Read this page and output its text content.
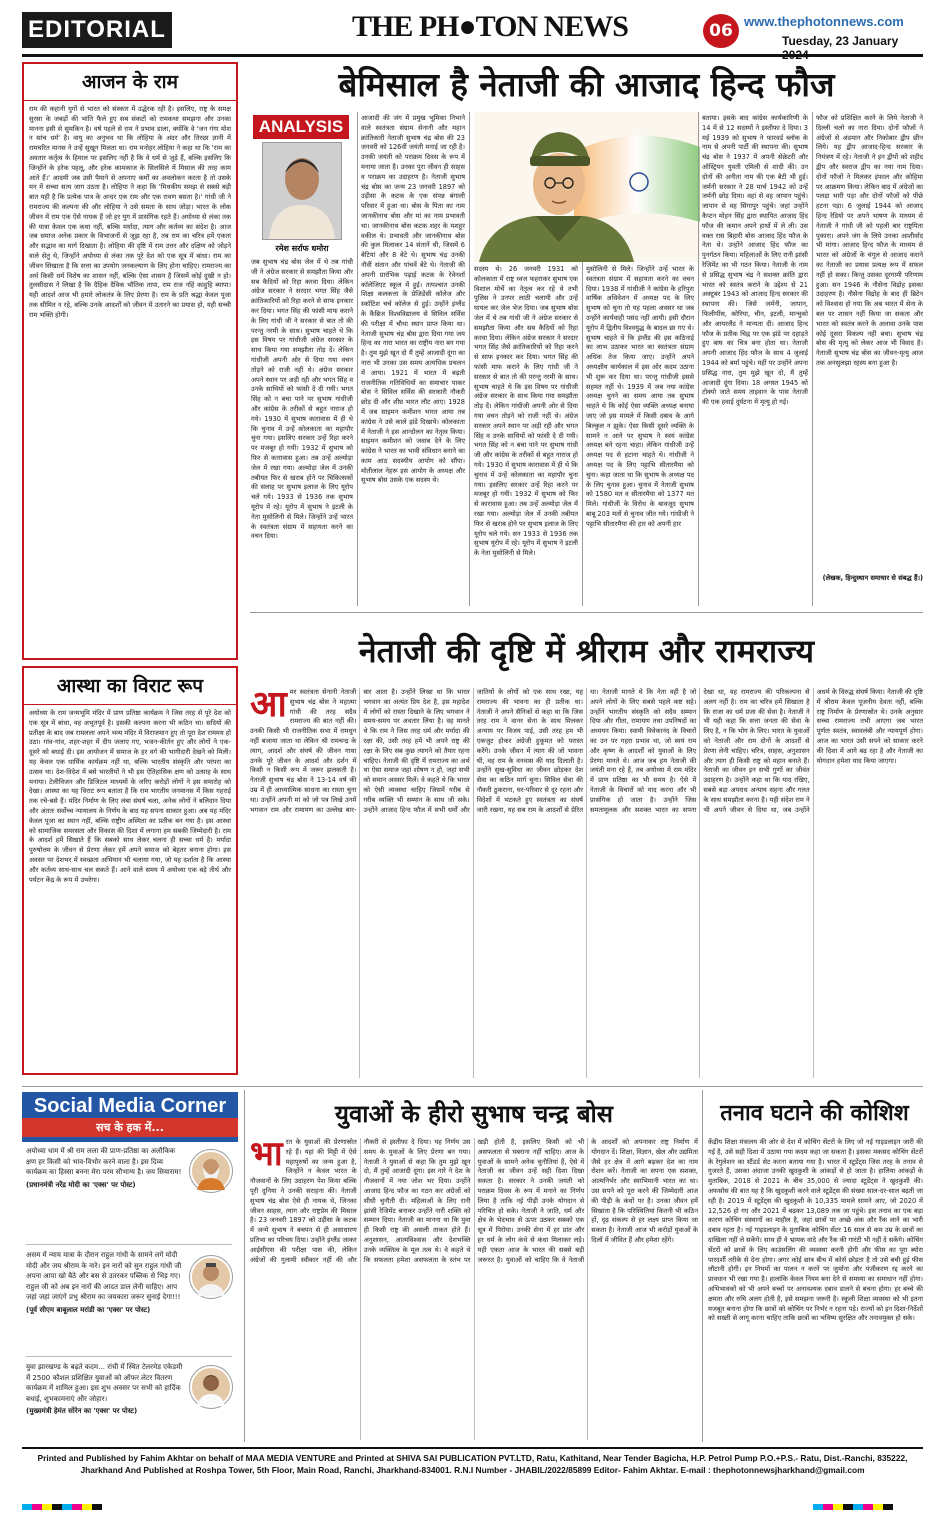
EDITORIAL	THE PH●TON NEWS	06 www.thephotonnews.com
Tuesday, 23 January
आजन के राम
राम की कहानी युगों से भारत को संस्कार में उद्धेरक रही है। इसलिए, राष्ट्र के समक्ष सुरसा के जबड़ों की भांति फैले हुए सब संकटों को रामकथा समझना और उनका मानना इसी से सुमकिन है। वर्ष पहले से राम ने प्रभाव डाला, क्योंकि वे 'जन गंगा मोश न सांच धर्म' है। वायु का अनुभव था कि लोहिया के अंदर और तिरछा ज्ञानी में रामचरित मानस ने उन्हें सुखून मिलता था। राम मनोहर लोहिया ने कहा था कि 'राम का अवतार कर्तृत्व के हिमाल पर इसलिए नहीं है कि वे धर्म से जुड़े हैं, बल्कि इसलिए कि जिन्होंने के हरेक पहलू, और हरेक कामकाज के सिलसिले में मिसाल की तरह काम आते हैं।' आदमी जब उसी पैमाने से अपनाए कर्मों का अवलोकन करता है तो उसके मन में सच्चा सत्य जाग उठता है। लोहिया ने कहा कि 'मिथकीय समझ से सबसे बड़ी बात यही है कि प्रत्येक पात्र के अन्दर एक राम और एक रावण बसता है।' गांधी जी ने रामराज्य की कल्पना की और लोहिया ने उसे समता के साथ जोड़ा। भारत के लोक जीवन में राम एक ऐसे नायक हैं जो हर युग में प्रासंगिक रहते हैं। अयोध्या से लंका तक की यात्रा केवल एक कथा नहीं, बल्कि मर्यादा, त्याग और कर्तव्य का संदेश है। आज जब समाज अनेक प्रकार के विभाजनों से जूझ रहा है, तब राम का चरित्र हमें एकता और सद्भाव का मार्ग दिखाता है। लोहिया की दृष्टि में राम उत्तर और दक्षिण को जोड़ने वाले सेतु थे, जिन्होंने अयोध्या से लंका तक पूरे देश को एक सूत्र में बांधा। राम का जीवन सिखाता है कि सत्ता का उपयोग जनकल्याण के लिए होना चाहिए। रामराज्य का अर्थ किसी धर्म विशेष का शासन नहीं, बल्कि ऐसा शासन है जिसमें कोई दुखी न हो। तुलसीदास ने लिखा है कि दैहिक दैविक भौतिक तापा, राम राज नहिं काहुहि ब्यापा। यही आदर्श आज भी हमारे लोकतंत्र के लिए प्रेरणा है। राम के प्रति श्रद्धा केवल पूजा तक सीमित न रहे, बल्कि उनके आदर्शों को जीवन में उतारने का प्रयास हो, यही सच्ची राम भक्ति होगी।
आस्था का विराट रूप
अयोध्या के राम जन्मभूमि मंदिर में प्राण प्रतिष्ठा कार्यक्रम ने जिस तरह से पूरे देश को एक सूत्र में बांधा, वह अभूतपूर्व है। इसकी कल्पना करना भी कठिन था। सदियों की प्रतीक्षा के बाद जब रामलला अपने भव्य मंदिर में विराजमान हुए तो पूरा देश राममय हो उठा। गांव-गांव, शहर-शहर में दीप जलाए गए, भजन-कीर्तन हुए और लोगों ने एक-दूसरे को बधाई दी। इस आयोजन में समाज के हर वर्ग की भागीदारी देखने को मिली। यह केवल एक धार्मिक कार्यक्रम नहीं था, बल्कि भारतीय संस्कृति और परंपरा का उत्सव था। देश-विदेश में बसे भारतीयों ने भी इस ऐतिहासिक क्षण को उत्साह के साथ मनाया। टेलीविजन और डिजिटल माध्यमों के जरिए करोड़ों लोगों ने इस समारोह को देखा। आस्था का यह विराट रूप बताता है कि राम भारतीय जनमानस में किस गहराई तक रचे-बसे हैं। मंदिर निर्माण के लिए लंबा संघर्ष चला, अनेक लोगों ने बलिदान दिया और अंततः सर्वोच्च न्यायालय के निर्णय के बाद यह सपना साकार हुआ। अब यह मंदिर केवल पूजा का स्थान नहीं, बल्कि राष्ट्रीय अस्मिता का प्रतीक बन गया है। इस आस्था को सामाजिक समरसता और विकास की दिशा में लगाना हम सबकी जिम्मेदारी है। राम के आदर्श हमें सिखाते हैं कि सबको साथ लेकर चलना ही सच्चा धर्म है। मर्यादा पुरुषोत्तम के जीवन से प्रेरणा लेकर हमें अपने समाज को बेहतर बनाना होगा। इस अवसर पर देशभर में स्वच्छता अभियान भी चलाया गया, जो यह दर्शाता है कि आस्था और कर्तव्य साथ-साथ चल सकते हैं। आने वाले समय में अयोध्या एक बड़े तीर्थ और पर्यटन केंद्र के रूप में उभरेगा।
बेमिसाल है नेताजी की आजाद हिन्द फौज
ANALYSIS
रमेश सर्राफ धमोरा
जब सुभाष चंद्र बोस जेल में थे तब गांधी जी ने अंग्रेज सरकार से समझौता किया और सब कैदियों को रिहा करवा दिया। लेकिन अंग्रेज सरकार ने सरदार भगत सिंह जैसे क्रांतिकारियों को रिहा करने से साफ इनकार कर दिया। भगत सिंह की फांसी माफ कराने के लिए गांधी जी ने सरकार से बात तो की परन्तु नरमी के साथ। सुभाष चाहते थे कि इस विषय पर गांधीजी अंग्रेज सरकार के साथ किया गया समझौता तोड़ दें। लेकिन गांधीजी अपनी ओर से दिया गया वचन तोड़ने को राजी नहीं थे। अंग्रेज सरकार अपने स्थान पर अड़ी रही और भगत सिंह व उनके साथियों को फांसी दे दी गयी। भगत सिंह को न बचा पाने पर सुभाष गांधीजी और कांग्रेस के तरीकों से बहुत नाराज हो गये। 1930 में सुभाष कारावास में ही थे कि चुनाव में उन्हें कोलकाता का महापौर चुना गया। इसलिए सरकार उन्हें रिहा करने पर मजबूर हो गयी। 1932 में सुभाष को फिर से कारावास हुआ। तब उन्हें अल्मोड़ा जेल में रखा गया। अल्मोड़ा जेल में उनकी तबीयत फिर से खराब होने पर चिकित्सकों की सलाह पर सुभाष इलाज के लिए यूरोप चले गये। 1933 से 1936 तक सुभाष यूरोप में रहे। यूरोप में सुभाष ने इटली के नेता मुसोलिनी से मिले। जिन्होंने उन्हें भारत के स्वतंत्रता संग्राम में सहायता करने का वचन दिया।
आजादी की जंग में प्रमुख भूमिका निभाने वाले स्वतंत्रता संग्राम सेनानी और महान क्रांतिकारी नेताजी सुभाष चंद्र बोस की 23 जनवरी को 126वीं जयंती मनाई जा रही है। उनकी जयंती को पराक्रम दिवस के रूप में मनाया जाता है। उनका पूरा जीवन ही साहस व पराक्रम का उदाहरण है। नेताजी सुभाष चंद्र बोस का जन्म 23 जनवरी 1897 को उड़ीसा के कटक के एक संपन्न बंगाली परिवार में हुआ था। बोस के पिता का नाम जानकीनाथ बोस और मां का नाम प्रभावती था। जानकीनाथ बोस कटक शहर के मशहूर वकील थे। प्रभावती और जानकीनाथ बोस की कुल मिलाकर 14 संतानें थी, जिसमें 6 बेटियां और 8 बेटे थे। सुभाष चंद्र उनकी नौवीं संतान और पांचवें बेटे थे। नेताजी की अपनी प्रारंभिक पढ़ाई कटक के रेवेनशॉ कॉलेजिएट स्कूल में हुई। तत्पश्चात उनकी शिक्षा कलकत्ता के प्रेजिडेंसी कॉलेज और स्कॉटिश चर्च कॉलेज से हुई। उन्होंने इंग्लैंड के कैंब्रिज विश्वविद्यालय से सिविल सर्विस की परीक्षा में चौथा स्थान प्राप्त किया था। नेताजी सुभाष चंद्र बोस द्वारा दिया गया जय हिन्द का नारा भारत का राष्ट्रीय नारा बन गया है। तुम मुझे खून दो मैं तुम्हें आजादी दूंगा का नारा भी उनका उस समय अत्यधिक प्रचलन में आया। 1921 में भारत में बढ़ती राजनीतिक गतिविधियों का समाचार पाकर बोस ने सिविल सर्विस की सरकारी नौकरी छोड़ दी और शीघ्र भारत लौट आए। 1928 में जब साइमन कमीशन भारत आया तब कांग्रेस ने उसे काले झंडे दिखाये। कोलकाता में नेताजी ने इस आन्दोलन का नेतृत्व किया। साइमन कमीशन को जवाब देने के लिए कांग्रेस ने भारत का भावी संविधान बनाने का काम आठ सदस्यीय आयोग को सौंपा। मोतीलाल नेहरू इस आयोग के अध्यक्ष और सुभाष बोस उसके एक सदस्य थे।
सदस्य थे। 26 जनवरी 1931 को कोलकाता में राष्ट्र ध्वज फहराकर सुभाष एक विशाल मोर्चे का नेतृत्व कर रहे थे तभी पुलिस ने उनपर लाठी चलायी और उन्हें घायल कर जेल भेज दिया। जब सुभाष बोस जेल में थे तब गांधी जी ने अंग्रेज सरकार से समझौता किया और सब कैदियों को रिहा करवा दिया। लेकिन अंग्रेज सरकार ने सरदार भगत सिंह जैसे क्रांतिकारियों को रिहा करने से साफ इनकार कर दिया। भगत सिंह की फांसी माफ कराने के लिए गांधी जी ने सरकार से बात तो की परन्तु नरमी के साथ। सुभाष चाहते थे कि इस विषय पर गांधीजी अंग्रेज सरकार के साथ किया गया समझौता तोड़ दें। लेकिन गांधीजी अपनी ओर से दिया गया वचन तोड़ने को राजी नहीं थे। अंग्रेज सरकार अपने स्थान पर अड़ी रही और भगत सिंह व उनके साथियों को फांसी दे दी गयी। भगत सिंह को न बचा पाने पर सुभाष गांधी जी और कांग्रेस के तरीकों से बहुत नाराज हो गये। 1930 में सुभाष कारावास में ही थे कि चुनाव में उन्हें कोलकाता का महापौर चुना गया। इसलिए सरकार उन्हें रिहा करने पर मजबूर हो गयी। 1932 में सुभाष को फिर से कारावास हुआ। तब उन्हें अल्मोड़ा जेल में रखा गया। अल्मोड़ा जेल में उनकी तबीयत फिर से खराब होने पर सुभाष इलाज के लिए यूरोप चले गये। सन 1933 से 1936 तक सुभाष यूरोप में रहे। यूरोप में सुभाष ने इटली के नेता मुसोलिनी से मिले।
मुसोलिनी से मिले। जिन्होंने उन्हें भारत के स्वतंत्रता संग्राम में सहायता करने का वचन दिया। 1938 में गांधीजी ने कांग्रेस के हरिपुरा वार्षिक अधिवेशन में अध्यक्ष पद के लिए सुभाष को चुना तो यह पहला अवसर था जब उन्होंने कार्यवाही पसंद नहीं आयी। इसी दौरान यूरोप में द्वितीय विश्वयुद्ध के बादल छा गए थे। सुभाष चाहते थे कि इंग्लैंड की इस कठिनाई का लाभ उठाकर भारत का स्वतंत्रता संग्राम अधिक तेज किया जाए। उन्होंने अपने अध्यक्षीय कार्यकाल में इस ओर कदम उठाना भी शुरू कर दिया था। परन्तु गांधीजी इससे सहमत नहीं थे। 1939 में जब नया कांग्रेस अध्यक्ष चुनने का समय आया तब सुभाष चाहते थे कि कोई ऐसा व्यक्ति अध्यक्ष बनाया जाए जो इस मामले में किसी दबाव के आगे बिल्कुल न झुके। ऐसा किसी दूसरे व्यक्ति के सामने न आने पर सुभाष ने स्वयं कांग्रेस अध्यक्ष बने रहना चाहा। लेकिन गांधीजी उन्हें अध्यक्ष पद से हटाना चाहते थे। गांधीजी ने अध्यक्ष पद के लिए पट्टाभि सीतारमैया को चुना। कहा जाता था कि सुभाष के अध्यक्ष पद के लिए चुनाव हुआ। चुनाव में नेताजी सुभाष को 1580 मत व सीतारमैया को 1377 मत मिले। गांधीजी के विरोध के बावजूद सुभाष बाबू 203 मतों से चुनाव जीत गये। गांधीजी ने पट्टाभि सीतारमैया की हार को अपनी हार
बताया। इसके बाद कांग्रेस कार्यकारिणी के 14 में से 12 सदस्यों ने इस्तीफा दे दिया। 3 मई 1939 को सुभाष ने फारवर्ड ब्लॉक के नाम से अपनी पार्टी की स्थापना की। सुभाष चंद्र बोस ने 1937 में अपनी सेक्रेटरी और ऑस्ट्रियन युवती एमिली से शादी की। उन दोनों की अनीता नाम की एक बेटी भी हुई। जर्मनी सरकार ने 28 मार्च 1942 को उन्हें जर्मनी छोड़ दिया। वहां से वह जापान पहुंचे। जापान से वह सिंगापुर पहुंचे। जहां उन्होंने कैप्टन मोहन सिंह द्वारा स्थापित आजाद हिंद फौज की कमान अपने हाथों में ले ली। उस वक्त रास बिहारी बोस आजाद हिंद फौज के नेता थे। उन्होंने आजाद हिंद फौज का पुनर्गठन किया। महिलाओं के लिए रानी झांसी रेजिमेंट का भी गठन किया। नेताजी के नाम से प्रसिद्ध सुभाष चंद्र ने सशक्त क्रांति द्वारा भारत को स्वतंत्र कराने के उद्देश्य से 21 अक्टूबर 1943 को आजाद हिन्द सरकार की स्थापना की। जिसे जर्मनी, जापान, फिलीपींस, कोरिया, चीन, इटली, मान्चुको और आयरलैंड ने मान्यता दी। आजाद हिन्द फौज के प्रतीक चिह्न पर एक झंडे पर दहाड़ते हुए बाघ का चित्र बना होता था। नेताजी अपनी आजाद हिंद फौज के साथ 4 जुलाई 1944 को बर्मा पहुंचे। यहीं पर उन्होंने अपना प्रसिद्ध नारा, तुम मुझे खून दो, मैं तुम्हें आजादी दूंगा दिया। 18 अगस्त 1945 को टोक्यो जाते समय ताइवान के पास नेताजी की एक हवाई दुर्घटना में मृत्यु हो गई।
फौज को प्रशिक्षित करने के लिये नेताजी ने दिल्ली चलो का नारा दिया। दोनों फौजों ने अंग्रेजों से अंडमान और निकोबार द्वीप छीन लिये। यह द्वीप आजाद-हिन्द सरकार के नियंत्रण में रहे। नेताजी ने इन द्वीपों को शहीद द्वीप और स्वराज द्वीप का नया नाम दिया। दोनों फौजों ने मिलकर इंफाल और कोहिमा पर आक्रमण किया। लेकिन बाद में अंग्रेजों का पलड़ा भारी पड़ा और दोनों फौजों को पीछे हटना पड़ा। 6 जुलाई 1944 को आजाद हिन्द रेडियो पर अपने भाषण के माध्यम से नेताजी ने गांधी जी को पहली बार राष्ट्रपिता पुकारा। अपने जंग के लिये उनका आशीर्वाद भी मांगा। आजाद हिन्द फौज के माध्यम से भारत को अंग्रेजों के चंगुल से आजाद कराने का नेताजी का प्रयास प्रत्यक्ष रूप में सफल नहीं हो सका। किन्तु उसका दूरगामी परिणाम हुआ। सन 1946 के नौसेना विद्रोह इसका उदाहरण है। नौसेना विद्रोह के बाद ही ब्रिटेन को विश्वास हो गया कि अब भारत में सेना के बल पर शासन नहीं किया जा सकता और भारत को स्वतंत्र करने के अलावा उनके पास कोई दूसरा विकल्प नहीं बचा। सुभाष चंद्र बोस की मृत्यु को लेकर आज भी विवाद है। नेताजी सुभाष चंद्र बोस का जीवन-मृत्यु आज तक अनसुलझा रहस्य बना हुआ है।
(लेखक, हिन्दुस्थान समाचार से संबद्ध हैं।)
नेताजी की दृष्टि में श्रीराम और रामराज्य
आमर स्वतंत्रता सेनानी नेताजी सुभाष चंद्र बोस ने महात्मा गांधी की तरह सदैव रामराज्य की बात नहीं की। उनकी किसी भी राजनीतिक सभा में रामधुन नहीं बजाया जाता था लेकिन श्री रामचन्द्र के त्याग, आदर्श और संघर्ष की जीवन गाथा उनके पूरे जीवन के आदर्श और दर्शन में किसी न किसी रूप में जरूर झलकती है। नेताजी सुभाष चंद्र बोस ने 13-14 वर्ष की उम्र में ही आध्यात्मिक साधना का रास्ता चुना था। उन्होंने अपनी मां को जो पत्र लिखे उनमें भगवान राम और रामायण का उल्लेख बार-बार आता है। उन्होंने लिखा था कि भारत भगवान का अत्यंत प्रिय देश है, इस महादेश में लोगों को रास्ता दिखाने के लिए भगवान ने समय-समय पर अवतार लिया है। वह मानते थे कि राम ने जिस तरह धर्म और मर्यादा की रक्षा की, उसी तरह हमें भी अपने राष्ट्र की रक्षा के लिए सब कुछ त्यागने को तैयार रहना चाहिए। नेताजी की दृष्टि में रामराज्य का अर्थ था ऐसा समाज जहां शोषण न हो, जहां सभी को समान अवसर मिलें। वे कहते थे कि भारत को ऐसी व्यवस्था चाहिए जिसमें गरीब से गरीब व्यक्ति भी सम्मान के साथ जी सके। उन्होंने आजाद हिन्द फौज में सभी धर्मों और जातियों के लोगों को एक साथ रखा, यह रामराज्य की भावना का ही प्रतीक था। नेताजी ने अपने सैनिकों से कहा था कि जिस तरह राम ने वानर सेना के साथ मिलकर अन्याय पर विजय पाई, उसी तरह हम भी एकजुट होकर अंग्रेजी हुकूमत को परास्त करेंगे। उनके जीवन में त्याग की जो भावना थी, वह राम के वनवास की याद दिलाती है। उन्होंने सुख-सुविधा का जीवन छोड़कर देश सेवा का कठिन मार्ग चुना। सिविल सेवा की नौकरी ठुकराना, घर-परिवार से दूर रहना और विदेशों में भटकते हुए स्वतंत्रता का संघर्ष जारी रखना, यह सब राम के आदर्शों से प्रेरित था। नेताजी मानते थे कि नेता वही है जो अपने लोगों के लिए सबसे पहले कष्ट सहे। उन्होंने भारतीय संस्कृति को सदैव सम्मान दिया और गीता, रामायण तथा उपनिषदों का अध्ययन किया। स्वामी विवेकानंद के विचारों का उन पर गहरा प्रभाव था, जो स्वयं राम और कृष्ण के आदर्शों को युवाओं के लिए प्रेरणा मानते थे। आज जब हम नेताजी की जयंती मना रहे हैं, तब अयोध्या में राम मंदिर में प्राण प्रतिष्ठा का भी समय है। ऐसे में नेताजी के विचारों को याद करना और भी प्रासंगिक हो जाता है। उन्होंने जिस समतामूलक और सशक्त भारत का सपना देखा था, वह रामराज्य की परिकल्पना से अलग नहीं है। राम का चरित्र हमें सिखाता है कि राजा का धर्म प्रजा की सेवा है। नेताजी ने भी यही कहा कि सत्ता जनता की सेवा के लिए है, न कि भोग के लिए। भारत के युवाओं को नेताजी और राम दोनों के आदर्शों से प्रेरणा लेनी चाहिए। चरित्र, साहस, अनुशासन और त्याग ही किसी राष्ट्र को महान बनाते हैं। नेताजी का जीवन इन सभी गुणों का जीवंत उदाहरण है। उन्होंने कहा था कि याद रखिए, सबसे बड़ा अपराध अन्याय सहना और गलत के साथ समझौता करना है। यही संदेश राम ने भी अपने जीवन से दिया था, जब उन्होंने अधर्म के विरुद्ध संघर्ष किया। नेताजी की दृष्टि में श्रीराम केवल पूजनीय देवता नहीं, बल्कि राष्ट्र निर्माण के प्रेरणास्रोत थे। उनके अनुसार सच्चा रामराज्य तभी आएगा जब भारत पूर्णतः स्वतंत्र, स्वावलंबी और न्यायपूर्ण होगा। आज का भारत उसी सपने को साकार करने की दिशा में आगे बढ़ रहा है और नेताजी का योगदान हमेशा याद किया जाएगा।
Social Media Corner
सच के हक में...
अयोध्या धाम में श्री राम लला की प्राण-प्रतिष्ठा का अलौकिक क्षण हर किसी को भाव-विभोर करने वाला है। इस दिव्य कार्यक्रम का हिस्सा बनना मेरा परम सौभाग्य है। जय सियाराम!
(प्रधानमंत्री नरेंद्र मोदी का 'एक्स' पर पोस्ट)
असम में न्याय यात्रा के दौरान राहुल गांधी के सामने लगे मोदी मोदी और जय श्रीराम के नारे। इन नारों को सुन राहुल गांधी जी अपना आपा खो बैठे और बस से उतरकर पब्लिक से भिड़ गए। राहुल जी को अब इन नारों की आदत डाल लेनी चाहिए। आप जहां जहां जाएंगे प्रभु श्रीराम का जयकारा जरूर सुनाई देगा!!!
(पूर्व सीएम बाबूलाल मरांडी का 'एक्स' पर पोस्ट)
युवा झारखण्ड के बढ़ते कदम… रांची में स्थित टेलरमेड एकेडमी में 2500 कौशल प्रशिक्षित युवाओं को ऑफर लेटर वितरण कार्यक्रम में शामिल हुआ। इस शुभ अवसर पर सभी को हार्दिक बधाई, शुभकामनाएं और जोहार।
(मुख्यमंत्री हेमंत सोरेन का 'एक्स' पर पोस्ट)
युवाओं के हीरो सुभाष चन्द्र बोस
भारत के युवाओं की प्रेरणास्रोत रहे हैं। यहां की मिट्टी में ऐसे महापुरुषों का जन्म हुआ है, जिन्होंने न केवल भारत के नौजवानों के लिए उदाहरण पेश किया बल्कि पूरी दुनिया ने उनकी सराहना की। नेताजी सुभाष चंद्र बोस ऐसे ही नायक थे, जिनका जीवन साहस, त्याग और राष्ट्रप्रेम की मिसाल है। 23 जनवरी 1897 को उड़ीसा के कटक में जन्मे सुभाष ने बचपन से ही असाधारण प्रतिभा का परिचय दिया। उन्होंने इंग्लैंड जाकर आईसीएस की परीक्षा पास की, लेकिन अंग्रेजों की गुलामी स्वीकार नहीं की और नौकरी से इस्तीफा दे दिया। यह निर्णय उस समय के युवाओं के लिए प्रेरणा बन गया। नेताजी ने युवाओं से कहा कि तुम मुझे खून दो, मैं तुम्हें आजादी दूंगा। इस नारे ने देश के नौजवानों में नया जोश भर दिया। उन्होंने आजाद हिन्द फौज का गठन कर अंग्रेजों को सीधी चुनौती दी। महिलाओं के लिए रानी झांसी रेजिमेंट बनाकर उन्होंने नारी शक्ति को सम्मान दिया। नेताजी का मानना था कि युवा ही किसी राष्ट्र की असली ताकत होते हैं। अनुशासन, आत्मविश्वास और देशभक्ति उनके व्यक्तित्व के मूल तत्व थे। वे कहते थे कि सफलता हमेशा असफलता के स्तंभ पर खड़ी होती है, इसलिए किसी को भी असफलता से घबराना नहीं चाहिए। आज के युवाओं के सामने अनेक चुनौतियां हैं, ऐसे में नेताजी का जीवन उन्हें सही दिशा दिखा सकता है। सरकार ने उनकी जयंती को पराक्रम दिवस के रूप में मनाने का निर्णय लिया है ताकि नई पीढ़ी उनके योगदान से परिचित हो सके। नेताजी ने जाति, धर्म और क्षेत्र के भेदभाव से ऊपर उठकर सबको एक सूत्र में पिरोया। उनकी सेना में हर प्रांत और हर धर्म के लोग कंधे से कंधा मिलाकर लड़े। यही एकता आज के भारत की सबसे बड़ी जरूरत है। युवाओं को चाहिए कि वे नेताजी के आदर्शों को अपनाकर राष्ट्र निर्माण में योगदान दें। शिक्षा, विज्ञान, खेल और उद्यमिता जैसे हर क्षेत्र में आगे बढ़कर देश का नाम रोशन करें। नेताजी का सपना एक सशक्त, आत्मनिर्भर और स्वाभिमानी भारत का था। उस सपने को पूरा करने की जिम्मेदारी आज की पीढ़ी के कंधों पर है। उनका जीवन हमें सिखाता है कि परिस्थितियां कितनी भी कठिन हों, दृढ़ संकल्प से हर लक्ष्य प्राप्त किया जा सकता है। नेताजी आज भी करोड़ों युवाओं के दिलों में जीवित हैं और हमेशा रहेंगे।
तनाव घटाने की कोशिश
केंद्रीय शिक्षा मंत्रालय की ओर से देश में कोचिंग सेंटरों के लिए जो नई गाइडलाइन जारी की गई है, उसे सही दिशा में उठाया गया कदम कहा जा सकता है। इसका मकसद कोचिंग सेंटरों के रेगुलेशन का स्टैंडर्ड सेट करना बताया गया है। भारत में स्टूडेंट्स जिस तरह के तनाव से गुजरते हैं, उसका अंदाजा उनकी खुदकुशी के आंकड़ों से हो जाता है। हालिया आंकड़ों के मुताबिक, 2018 से 2021 के बीच 35,000 से ज्यादा स्टूडेंट्स ने खुदकुशी की। अफसोस की बात यह है कि खुदकुशी करने वाले स्टूडेंट्स की संख्या साल-दर-साल बढ़ती जा रही है। 2019 में स्टूडेंट्स की खुदकुशी के 10,335 मामले सामने आए, जो 2020 में 12,526 हो गए और 2021 में बढ़कर 13,089 तक जा पहुंचे। इस तनाव का एक बड़ा कारण कोचिंग संस्थानों का माहौल है, जहां छात्रों पर अच्छे अंक और रैंक लाने का भारी दबाव रहता है। नई गाइडलाइन के मुताबिक कोचिंग सेंटर 16 साल से कम उम्र के छात्रों का दाखिला नहीं ले सकेंगे। साथ ही वे भ्रामक वादे और रैंक की गारंटी भी नहीं दे सकेंगे। कोचिंग सेंटरों को छात्रों के लिए काउंसलिंग की व्यवस्था करनी होगी और फीस का पूरा ब्योरा पारदर्शी तरीके से देना होगा। अगर कोई छात्र बीच में कोर्स छोड़ता है तो उसे बची हुई फीस लौटानी होगी। इन नियमों का पालन न करने पर जुर्माना और पंजीकरण रद्द करने का प्रावधान भी रखा गया है। हालांकि केवल नियम बना देने से समस्या का समाधान नहीं होगा। अभिभावकों को भी अपने बच्चों पर अनावश्यक दबाव डालने से बचना होगा। हर बच्चे की क्षमता और रुचि अलग होती है, इसे समझना जरूरी है। स्कूली शिक्षा व्यवस्था को भी इतना मजबूत बनाना होगा कि छात्रों को कोचिंग पर निर्भर न रहना पड़े। राज्यों को इन दिशा-निर्देशों को सख्ती से लागू करना चाहिए ताकि छात्रों का भविष्य सुरक्षित और तनावमुक्त हो सके।
Printed and Published by Fahim Akhtar on behalf of MAA MEDIA VENTURE and Printed at SHIVA SAI PUBLICATION PVT.LTD, Ratu, Kathitand, Near Tender Bagicha, H.P. Petrol Pump P.O.+P.S.- Ratu, Dist.-Ranchi, 835222,
Jharkhand And Published at Roshpa Tower, 5th Floor, Main Road, Ranchi, Jharkhand-834001. R.N.I Number - JHABIL/2022/85899 Editor- Fahim Akhtar. E-mail : thephotonnewsjharkhand@gmail.com
